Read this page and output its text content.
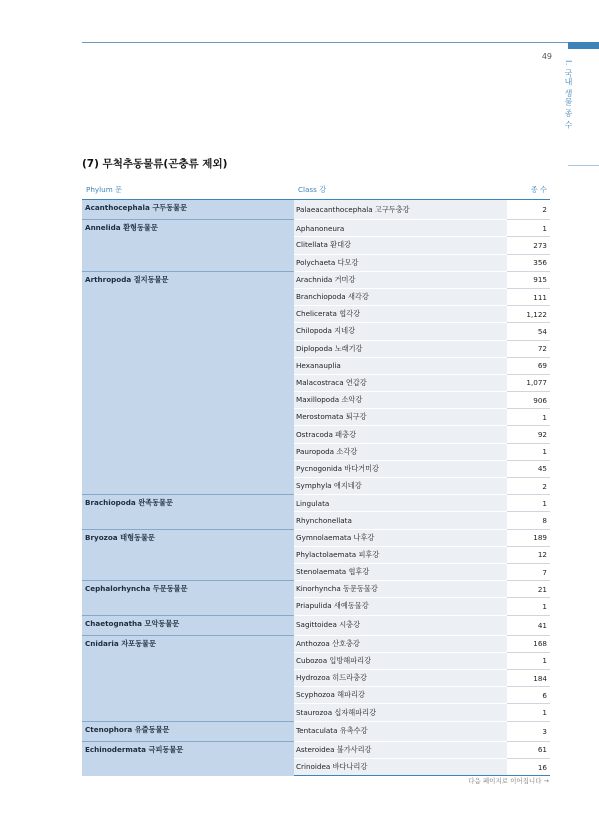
49
I. 국내 생물 종 수
(7) 무척추동물류(곤충류 제외)
Phylum 문	Class 강	종 수
Acanthocephala 구두동물문	Palaeacanthocephala 고구두충강	2
Annelida 환형동물문	Aphanoneura	1
	Clitellata 환대강	273
	Polychaeta 다모강	356
Arthropoda 절지동물문	Arachnida 거미강	915
	Branchiopoda 새각강	111
	Chelicerata 협각강	1,122
	Chilopoda 지네강	54
	Diplopoda 노래기강	72
	Hexanauplia	69
	Malacostraca 연갑강	1,077
	Maxillopoda 소악강	906
	Merostomata 퇴구강	1
	Ostracoda 패충강	92
	Pauropoda 소각강	1
	Pycnogonida 바다거미강	45
	Symphyla 애지네강	2
Brachiopoda 완족동물문	Lingulata	1
	Rhynchonellata	8
Bryozoa 태형동물문	Gymnolaemata 나후강	189
	Phylactolaemata 피후강	12
	Stenolaemata 협후강	7
Cephalorhyncha 두문동물문	Kinorhyncha 동문동물강	21
	Priapulida 새예동물강	1
Chaetognatha 모악동물문	Sagittoidea 시충강	41
Cnidaria 자포동물문	Anthozoa 산호충강	168
	Cubozoa 입방해파리강	1
	Hydrozoa 히드라충강	184
	Scyphozoa 해파리강	6
	Staurozoa 십자해파리강	1
Ctenophora 유즐동물문	Tentaculata 유촉수강	3
Echinodermata 극피동물문	Asteroidea 불가사리강	61
	Crinoidea 바다나리강	16
다음 페이지로 이어집니다 →
